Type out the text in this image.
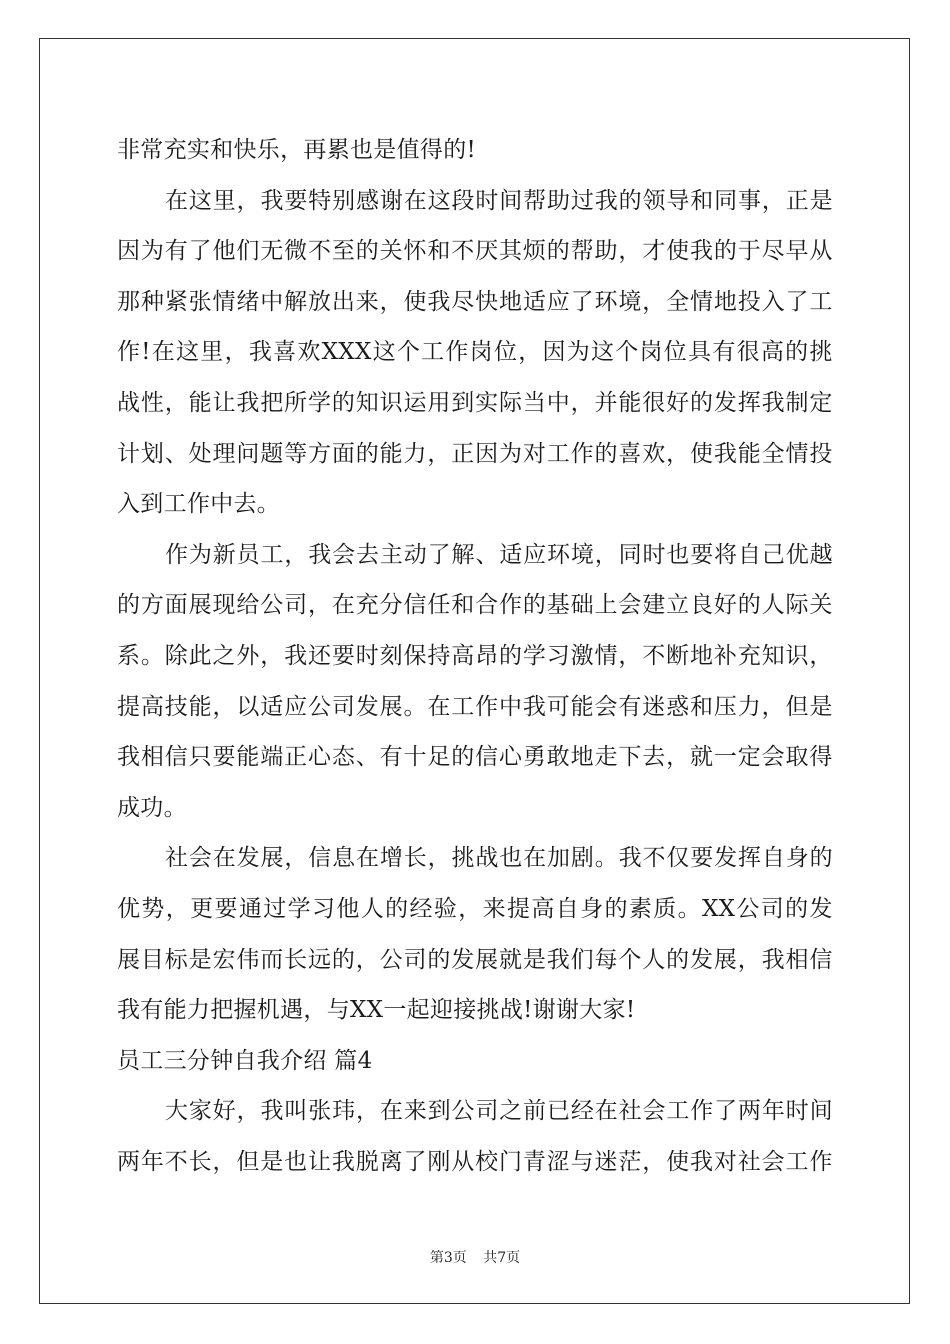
非常充实和快乐，再累也是值得的!
在 这 里 ， 我 要 特 别 感 谢 在 这 段 时 间 帮 助 过 我 的 领 导 和 同 事 ， 正 是
因 为 有 了 他 们 无 微 不 至 的 关 怀 和 不 厌 其 烦 的 帮 助 ， 才 使 我 的 于 尽 早 从
那 种 紧 张 情 绪 中 解 放 出 来 ， 使 我 尽 快 地 适 应 了 环 境 ， 全 情 地 投 入 了 工
作 ! 在 这 里 ， 我 喜 欢 XXX 这 个 工 作 岗 位 ， 因 为 这 个 岗 位 具 有 很 高 的 挑
战 性 ， 能 让 我 把 所 学 的 知 识 运 用 到 实 际 当 中 ， 并 能 很 好 的 发 挥 我 制 定
计 划 、 处 理 问 题 等 方 面 的 能 力 ， 正 因 为 对 工 作 的 喜 欢 ， 使 我 能 全 情 投
入到工作中去。
作 为 新 员 工 ， 我 会 去 主 动 了 解 、 适 应 环 境 ， 同 时 也 要 将 自 己 优 越
的 方 面 展 现 给 公 司 ， 在 充 分 信 任 和 合 作 的 基 础 上 会 建 立 良 好 的 人 际 关
系 。 除 此 之 外 ， 我 还 要 时 刻 保 持 高 昂 的 学 习 激 情 ， 不 断 地 补 充 知 识 ，
提 高 技 能 ， 以 适 应 公 司 发 展 。 在 工 作 中 我 可 能 会 有 迷 惑 和 压 力 ， 但 是
我 相 信 只 要 能 端 正 心 态 、 有 十 足 的 信 心 勇 敢 地 走 下 去 ， 就 一 定 会 取 得
成功。
社 会 在 发 展 ， 信 息 在 增 长 ， 挑 战 也 在 加 剧 。 我 不 仅 要 发 挥 自 身 的
优 势 ， 更 要 通 过 学 习 他 人 的 经 验 ， 来 提 高 自 身 的 素 质 。 XX 公 司 的 发
展 目 标 是 宏 伟 而 长 远 的 ， 公 司 的 发 展 就 是 我 们 每 个 人 的 发 展 ， 我 相 信
我有能力把握机遇，与XX一起迎接挑战!谢谢大家!
员工三分钟自我介绍 篇4
大 家 好 ， 我 叫 张 玮 ， 在 来 到 公 司 之 前 已 经 在 社 会 工 作 了 两 年 时 间
两 年 不 长 ， 但 是 也 让 我 脱 离 了 刚 从 校 门 青 涩 与 迷 茫 ， 使 我 对 社 会 工 作
第3页 共7页
